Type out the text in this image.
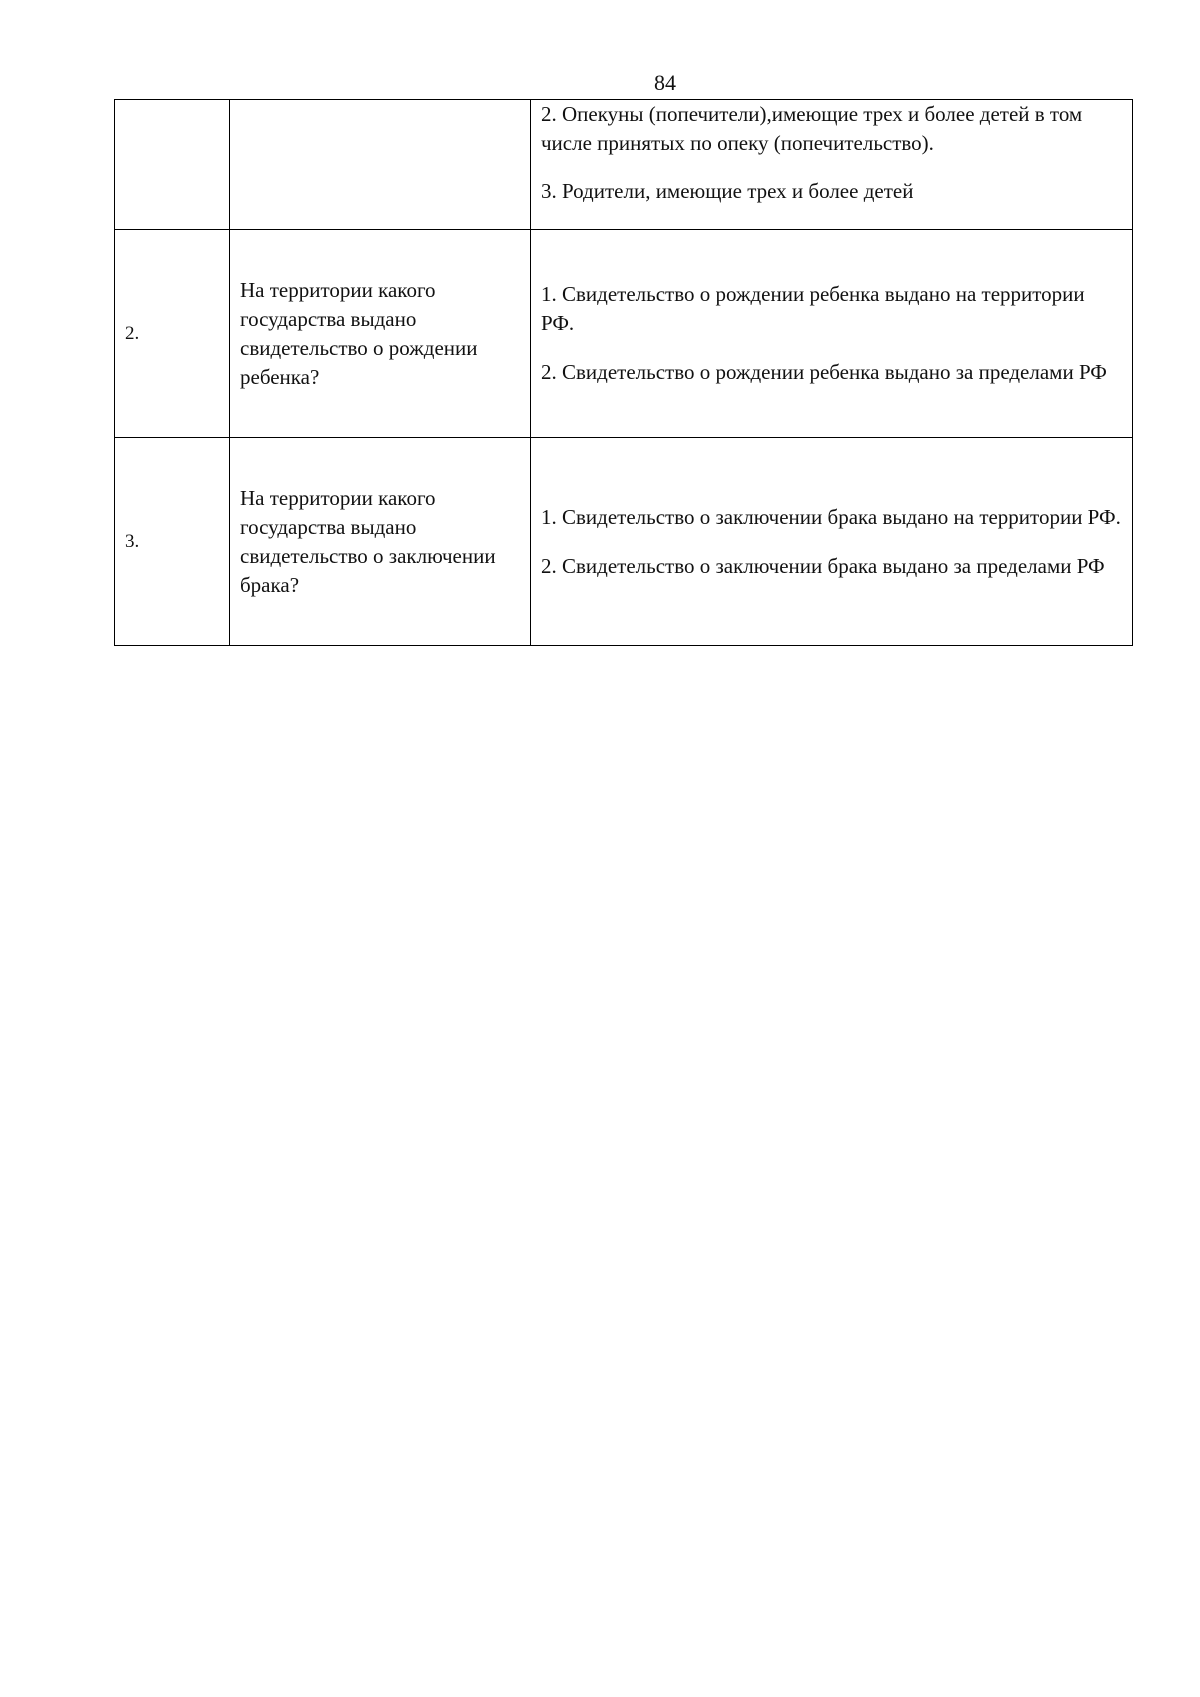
84

		2. Опекуны (попечители),имеющие трех и более детей в том числе принятых по опеку (попечительство).

3. Родители, имеющие трех и более детей

2.	На территории какого государства выдано свидетельство о рождении ребенка?	1. Свидетельство о рождении ребенка выдано на территории РФ.

2. Свидетельство о рождении ребенка выдано за пределами РФ

3.	На территории какого государства выдано свидетельство о заключении брака?	1. Свидетельство о заключении брака выдано на территории РФ.

2. Свидетельство о заключении брака выдано за пределами РФ
